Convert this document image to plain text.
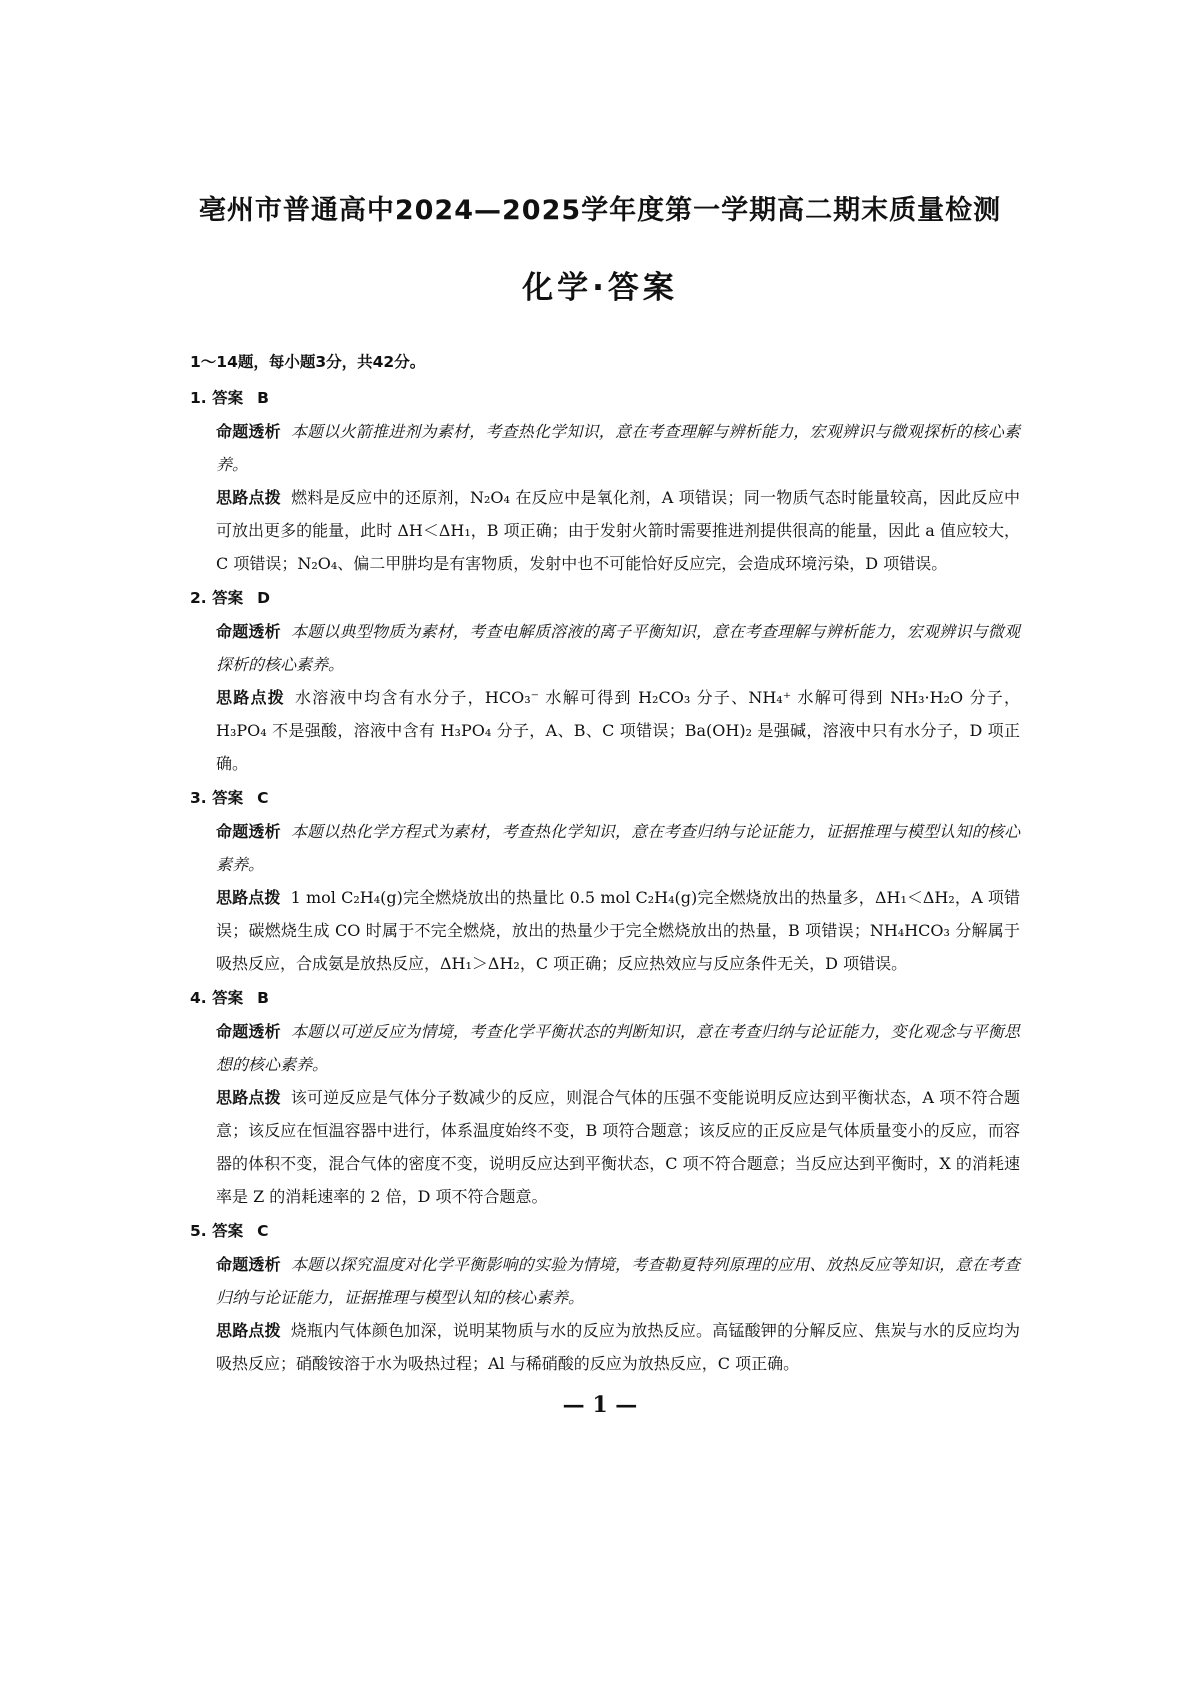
亳州市普通高中2024—2025学年度第一学期高二期末质量检测
化学·答案
1～14题，每小题3分，共42分。
1. 答案 B
命题透析 本题以火箭推进剂为素材，考查热化学知识，意在考查理解与辨析能力，宏观辨识与微观探析的核心素养。
思路点拨 燃料是反应中的还原剂，N₂O₄ 在反应中是氧化剂，A 项错误；同一物质气态时能量较高，因此反应中可放出更多的能量，此时 ΔH＜ΔH₁，B 项正确；由于发射火箭时需要推进剂提供很高的能量，因此 a 值应较大，C 项错误；N₂O₄、偏二甲肼均是有害物质，发射中也不可能恰好反应完，会造成环境污染，D 项错误。
2. 答案 D
命题透析 本题以典型物质为素材，考查电解质溶液的离子平衡知识，意在考查理解与辨析能力，宏观辨识与微观探析的核心素养。
思路点拨 水溶液中均含有水分子，HCO₃⁻ 水解可得到 H₂CO₃ 分子、NH₄⁺ 水解可得到 NH₃·H₂O 分子，H₃PO₄ 不是强酸，溶液中含有 H₃PO₄ 分子，A、B、C 项错误；Ba(OH)₂ 是强碱，溶液中只有水分子，D 项正确。
3. 答案 C
命题透析 本题以热化学方程式为素材，考查热化学知识，意在考查归纳与论证能力，证据推理与模型认知的核心素养。
思路点拨 1 mol C₂H₄(g)完全燃烧放出的热量比 0.5 mol C₂H₄(g)完全燃烧放出的热量多，ΔH₁＜ΔH₂，A 项错误；碳燃烧生成 CO 时属于不完全燃烧，放出的热量少于完全燃烧放出的热量，B 项错误；NH₄HCO₃ 分解属于吸热反应，合成氨是放热反应，ΔH₁＞ΔH₂，C 项正确；反应热效应与反应条件无关，D 项错误。
4. 答案 B
命题透析 本题以可逆反应为情境，考查化学平衡状态的判断知识，意在考查归纳与论证能力，变化观念与平衡思想的核心素养。
思路点拨 该可逆反应是气体分子数减少的反应，则混合气体的压强不变能说明反应达到平衡状态，A 项不符合题意；该反应在恒温容器中进行，体系温度始终不变，B 项符合题意；该反应的正反应是气体质量变小的反应，而容器的体积不变，混合气体的密度不变，说明反应达到平衡状态，C 项不符合题意；当反应达到平衡时，X 的消耗速率是 Z 的消耗速率的 2 倍，D 项不符合题意。
5. 答案 C
命题透析 本题以探究温度对化学平衡影响的实验为情境，考查勒夏特列原理的应用、放热反应等知识，意在考查归纳与论证能力，证据推理与模型认知的核心素养。
思路点拨 烧瓶内气体颜色加深，说明某物质与水的反应为放热反应。高锰酸钾的分解反应、焦炭与水的反应均为吸热反应；硝酸铵溶于水为吸热过程；Al 与稀硝酸的反应为放热反应，C 项正确。
— 1 —
